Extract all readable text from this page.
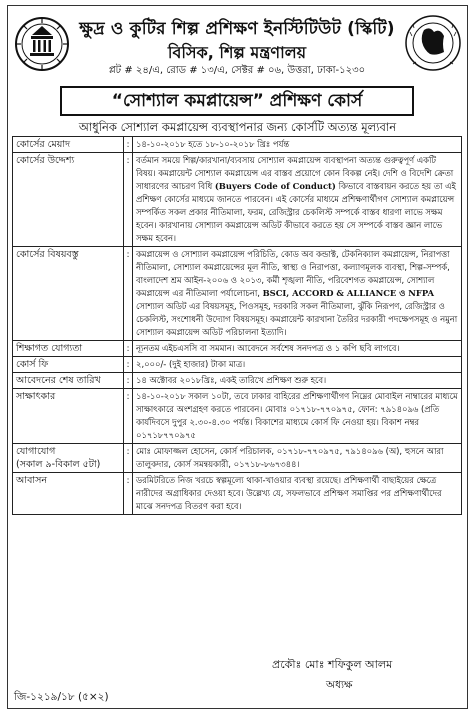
ক্ষুদ্র ও কুটির শিল্প প্রশিক্ষণ ইনস্টিটিউট (স্কিটি)
বিসিক, শিল্প মন্ত্রণালয়
প্লট # ২৪/এ, রোড # ১৩/এ, সেক্টর # ০৬, উত্তরা, ঢাকা-১২৩০
“সোশ্যাল কমপ্লায়েন্স” প্রশিক্ষণ কোর্স
আধুনিক সোশ্যাল কমপ্লায়েন্স ব্যবস্থাপনার জন্য কোর্সটি অত্যন্ত মূল্যবান
কোর্সের মেয়াদ	:	১৪-১০-২০১৮ হতে ১৮-১০-২০১৮ খ্রিঃ পর্যন্ত
কোর্সের উদ্দেশ্য	:	বর্তমান সময়ে শিল্প/কারখানা/ব্যবসায় সোশ্যাল কমপ্লায়েন্স ব্যবস্থাপনা অত্যন্ত গুরুত্বপূর্ণ একটি বিষয়। কমপ্লায়েন্ট সোশ্যাল কমপ্লায়েন্স এর বাস্তব প্রয়োগে কোন বিকল্প নেই। দেশি ও বিদেশি ক্রেতা সাধারণের আচরণ বিধি (Buyers Code of Conduct) কিভাবে বাস্তবায়ন করতে হয় তা এই প্রশিক্ষণ কোর্সের মাধ্যমে জানতে পারবেন। এই কোর্সের মাধ্যমে প্রশিক্ষণার্থীগণ সোশ্যাল কমপ্লায়েন্স সম্পর্কিত সকল প্রকার নীতিমালা, ফরম, রেজিস্ট্রার চেকলিস্ট সম্পর্কে বাস্তব ধারণা লাভে সক্ষম হবেন। কারখানায় সোশ্যাল কমপ্লায়েন্স অডিট কীভাবে করতে হয় সে সম্পর্কে বাস্তব জ্ঞান লাভে সক্ষম হবেন।
কোর্সের বিষয়বস্তু	:	কমপ্লায়েন্স ও সোশ্যাল কমপ্লায়েন্স পরিচিতি, কোড অব কন্ডাক্ট, টেকনিক্যাল কমপ্লায়েন্স, নিরাপত্তা নীতিমালা, সোশ্যাল কমপ্লায়েন্সের মূল নীতি, স্বাস্থ্য ও নিরাপত্তা, কল্যাণমূলক ব্যবস্থা, শিল্প-সম্পর্ক, বাংলাদেশ শ্রম আইন-২০০৬ ও ২০১৩, কর্মী শৃঙ্খলা নীতি, পরিবেশগত কমপ্লায়েন্স, সোশ্যাল কমপ্লায়েন্স এর নীতিমালা পর্যালোচনা, BSCI, ACCORD & ALLIANCE ও NFPA সোশ্যাল অডিট এর বিষয়সমূহ, পিওসমূহ, দরকারি সকল নীতিমালা, ঝুঁকি নিরূপণ, রেজিস্ট্রার ও চেকলিস্ট, সংশোধনী উদ্যোগ বিষয়সমূহ। কমপ্লায়েন্ট কারখানা তৈরির দরকারী পদক্ষেপসমূহ ও নমুনা সোশ্যাল কমপ্লায়েন্স অডিট পরিচালনা ইত্যাদি।
শিক্ষাগত যোগ্যতা	:	ন্যূনতম এইচএসসি বা সমমান। আবেদনে সর্বশেষ সনদপত্র ও ১ কপি ছবি লাগবে।
কোর্স ফি	:	২,০০০/- (দুই হাজার) টাকা মাত্র।
আবেদনের শেষ তারিখ	:	১৪ অক্টোবর ২০১৮খ্রিঃ, একই তারিখে প্রশিক্ষণ শুরু হবে।
সাক্ষাৎকার	:	১৪-১০-২০১৮ সকাল ১০টা, তবে ঢাকার বাহিরের প্রশিক্ষণার্থীগণ নিম্নের মোবাইল নাম্বারের মাধ্যমে সাক্ষাৎকারে অংশগ্রহণ করতে পারবেন। মোবাঃ ০১৭১৮-৭৭০৯৭৫, ফোন: ৭৯১৪০৯৬ (প্রতি কার্যদিবসে দুপুর ২.৩০-৪.৩০ পর্যন্ত। বিকাশের মাধ্যমে কোর্স ফি নেওয়া হয়। বিকাশ নম্বর ০১৭১৮৭৭০৯৭৫

যোগাযোগ
(সকাল ৯-বিকাল ৫টা)	:	মোঃ মোফাজ্জল হোসেন, কোর্স পরিচালক, ০১৭১৮-৭৭০৯৭৫, ৭৯১৪০৯৬ (অ), হুসনে আরা তালুকদার, কোর্স সমন্বয়কারী, ০১৭১৮-৮৬৭৩৪৪।
আবাসন	:	ডরমিটরিতে নিজ খরচে স্বল্পমূল্যে থাকা-খাওয়ার ব্যবস্থা রয়েছে। প্রশিক্ষণার্থী বাছাইয়ের ক্ষেত্রে নারীদের অগ্রাধিকার দেওয়া হবে। উল্লেখ্য যে, সফলভাবে প্রশিক্ষণ সমাপ্তির পর প্রশিক্ষণার্থীদের মাঝে সনদপত্র বিতরণ করা হবে।
প্রকৌঃ মোঃ শফিকুল আলম
অধ্যক্ষ
জি-১২১৯/১৮ (৫×২)
